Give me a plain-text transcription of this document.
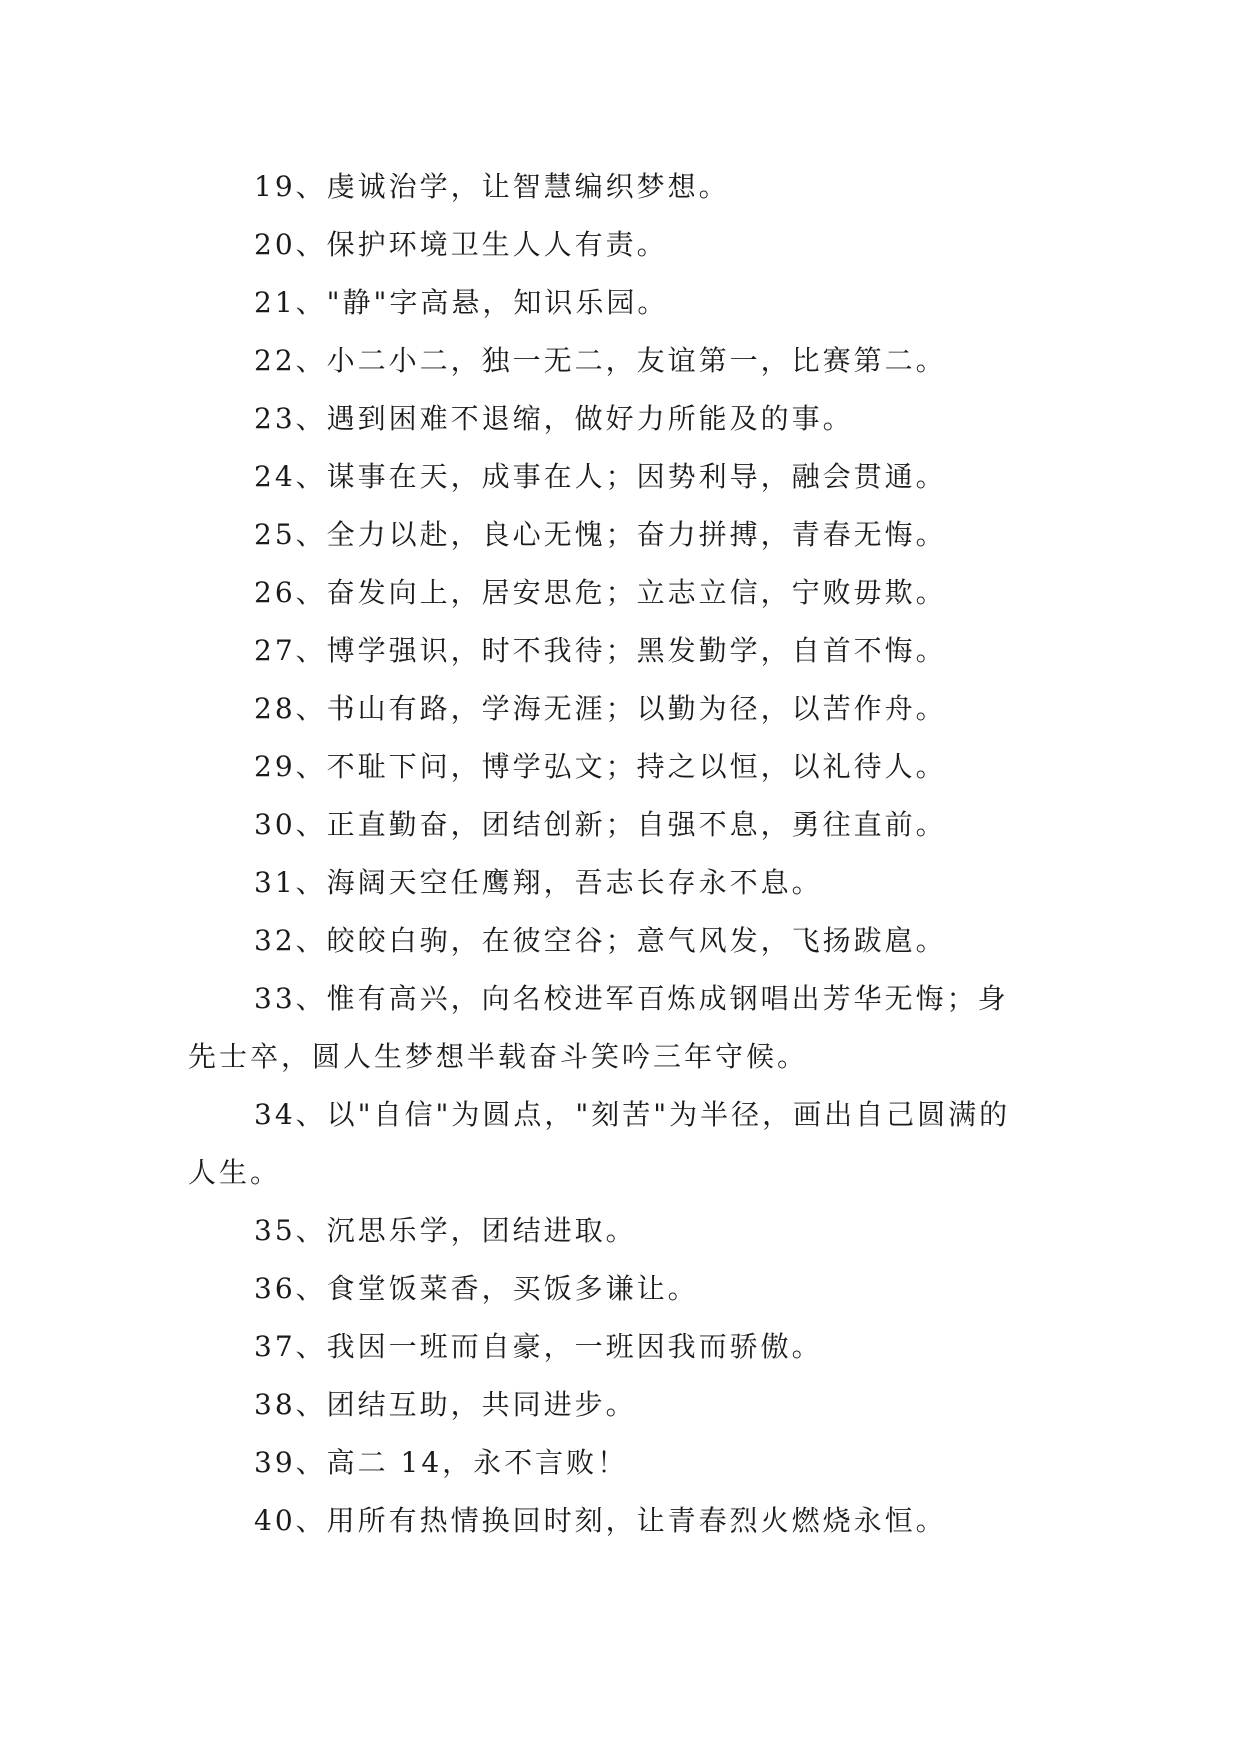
19、虔诚治学，让智慧编织梦想。
20、保护环境卫生人人有责。
21、"静"字高悬，知识乐园。
22、小二小二，独一无二，友谊第一，比赛第二。
23、遇到困难不退缩，做好力所能及的事。
24、谋事在天，成事在人；因势利导，融会贯通。
25、全力以赴，良心无愧；奋力拼搏，青春无悔。
26、奋发向上，居安思危；立志立信，宁败毋欺。
27、博学强识，时不我待；黑发勤学，自首不悔。
28、书山有路，学海无涯；以勤为径，以苦作舟。
29、不耻下问，博学弘文；持之以恒，以礼待人。
30、正直勤奋，团结创新；自强不息，勇往直前。
31、海阔天空任鹰翔，吾志长存永不息。
32、皎皎白驹，在彼空谷；意气风发，飞扬跋扈。
33、惟有高兴，向名校进军百炼成钢唱出芳华无悔；身
先士卒，圆人生梦想半载奋斗笑吟三年守候。
34、以"自信"为圆点，"刻苦"为半径，画出自己圆满的
人生。
35、沉思乐学，团结进取。
36、食堂饭菜香，买饭多谦让。
37、我因一班而自豪，一班因我而骄傲。
38、团结互助，共同进步。
39、高二 14，永不言败！
40、用所有热情换回时刻，让青春烈火燃烧永恒。
